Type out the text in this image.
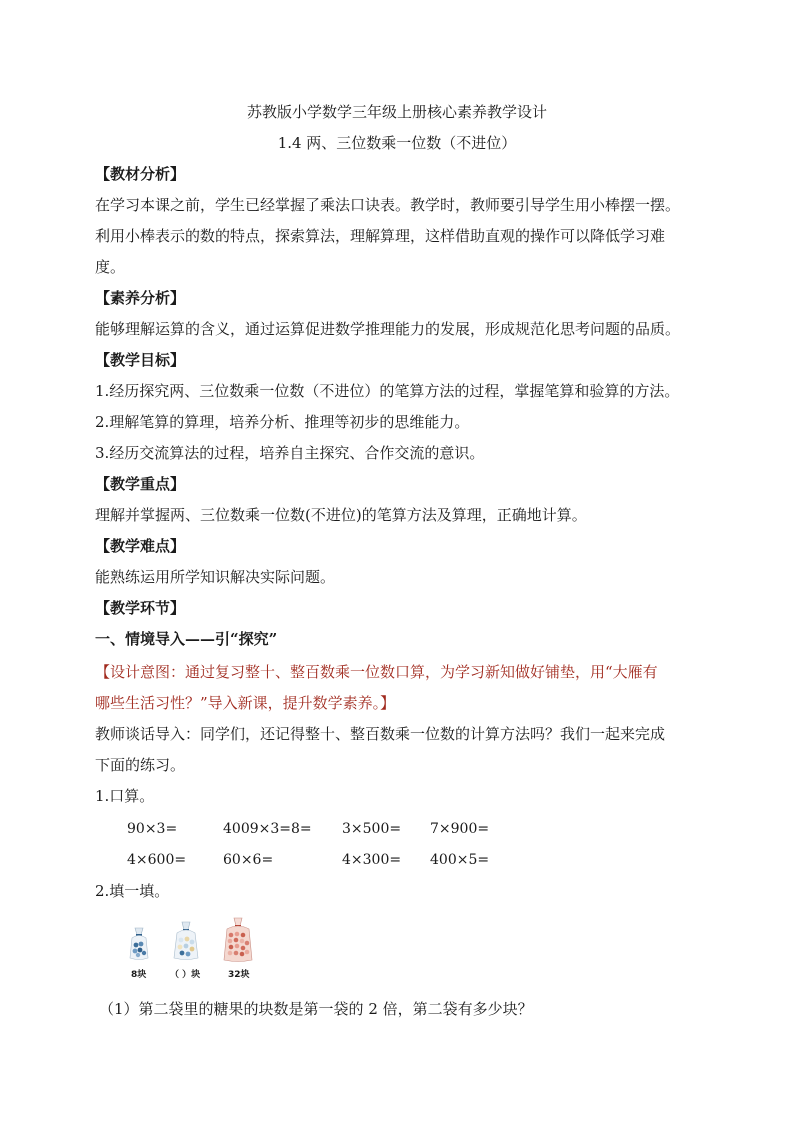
苏教版小学数学三年级上册核心素养教学设计
1.4 两、三位数乘一位数（不进位）
【教材分析】
在学习本课之前，学生已经掌握了乘法口诀表。教学时，教师要引导学生用小棒摆一摆。
利用小棒表示的数的特点，探索算法，理解算理，这样借助直观的操作可以降低学习难
度。
【素养分析】
能够理解运算的含义，通过运算促进数学推理能力的发展，形成规范化思考问题的品质。
【教学目标】
1.经历探究两、三位数乘一位数（不进位）的笔算方法的过程，掌握笔算和验算的方法。
2.理解笔算的算理，培养分析、推理等初步的思维能力。
3.经历交流算法的过程，培养自主探究、合作交流的意识。
【教学重点】
理解并掌握两、三位数乘一位数(不进位)的笔算方法及算理，正确地计算。
【教学难点】
能熟练运用所学知识解决实际问题。
【教学环节】
一、情境导入——引“探究”
【设计意图：通过复习整十、整百数乘一位数口算，为学习新知做好铺垫，用“大雁有
哪些生活习性？”导入新课，提升数学素养。】
教师谈话导入：同学们，还记得整十、整百数乘一位数的计算方法吗？我们一起来完成
下面的练习。
1.口算。
90×3=	4009×3=8= 3×500= 7×900=
4×600=	60×6=	4×300= 400×5=
2.填一填。
8块	（ ）块	32块
（1）第二袋里的糖果的块数是第一袋的 2 倍，第二袋有多少块？
